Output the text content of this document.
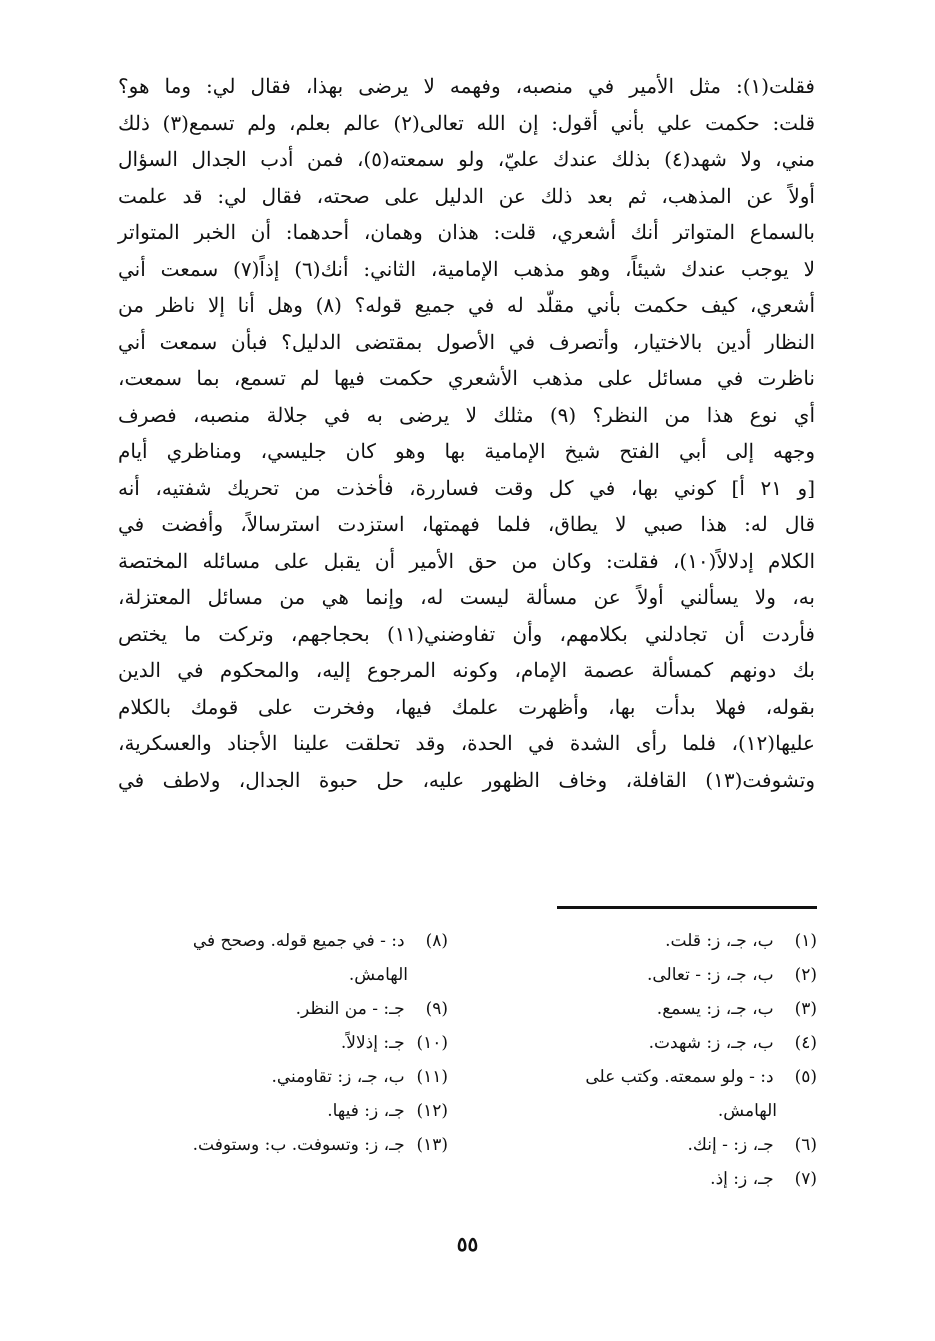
فقلت(١): مثل الأمير في منصبه، وفهمه لا يرضى بهذا، فقال لي: وما هو؟
قلت: حكمت علي بأني أقول: إن الله تعالى(٢) عالم بعلم، ولم تسمع(٣) ذلك
مني، ولا شهد(٤) بذلك عندك عليّ، ولو سمعته(٥)، فمن أدب الجدال السؤال
أولاً عن المذهب، ثم بعد ذلك عن الدليل على صحته، فقال لي: قد علمت
بالسماع المتواتر أنك أشعري، قلت: هذان وهمان، أحدهما: أن الخبر المتواتر
لا يوجب عندك شيئاً، وهو مذهب الإمامية، الثاني: أنك(٦) إذاً(٧) سمعت أني
أشعري، كيف حكمت بأني مقلّد له في جميع قوله؟ (٨) وهل أنا إلا ناظر من
النظار أدين بالاختيار، وأتصرف في الأصول بمقتضى الدليل؟ فبأن سمعت أني
ناظرت في مسائل على مذهب الأشعري حكمت فيها لم تسمع، بما سمعت،
أي نوع هذا من النظر؟ (٩) مثلك لا يرضى به في جلالة منصبه، فصرف
وجهه إلى أبي الفتح شيخ الإمامية بها وهو كان جليسي، ومناظري أيام
[و ٢١ أ] كوني بها، في كل وقت فساررة، فأخذت من تحريك شفتيه، أنه
قال له: هذا صبي لا يطاق، فلما فهمتها، استزدت استرسالاً، وأفضت في
الكلام إدلالاً(١٠)، فقلت: وكان من حق الأمير أن يقبل على مسائله المختصة
به، ولا يسألني أولاً عن مسألة ليست له، وإنما هي من مسائل المعتزلة،
فأردت أن تجادلني بكلامهم، وأن تفاوضني(١١) بحجاجهم، وتركت ما يختص
بك دونهم كمسألة عصمة الإمام، وكونه المرجوع إليه، والمحكوم في الدين
بقوله، فهلا بدأت بها، وأظهرت علمك فيها، وفخرت على قومك بالكلام
عليها(١٢)، فلما رأى الشدة في الحدة، وقد تحلقت علينا الأجناد والعسكرية،
وتشوفت(١٣) القافلة، وخاف الظهور عليه، حل حبوة الجدال، ولاطف في
(١) ب، جـ، ز: قلت.
(٢) ب، جـ، ز: - تعالى.
(٣) ب، جـ، ز: يسمع.
(٤) ب، جـ، ز: شهدت.
(٥) د: - ولو سمعته. وكتب على
الهامش.
(٦) جـ، ز: - إنك.
(٧) جـ، ز: إذ.
(٨) د: - في جميع قوله. وصحح في
الهامش.
(٩) جـ: - من النظر.
(١٠) جـ: إذلالاً.
(١١) ب، جـ، ز: تقاومني.
(١٢) جـ، ز: فيها.
(١٣) جـ، ز: وتسوفت. ب: وستوفت.
٥٥
